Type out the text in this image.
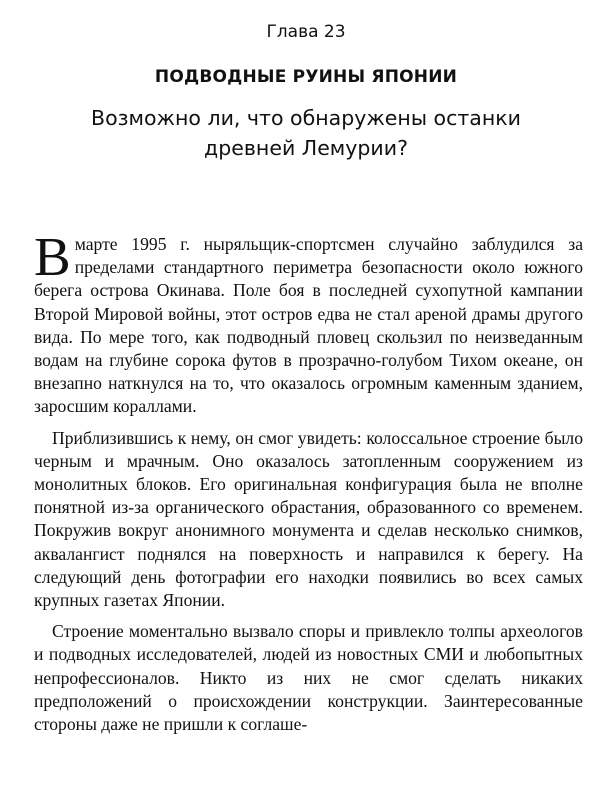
Глава 23
ПОДВОДНЫЕ РУИНЫ ЯПОНИИ
Возможно ли, что обнаружены останки
древней Лемурии?

В марте 1995 г. ныряльщик-спортсмен случайно заблудился за пределами стандартного периметра безопасности около южного берега острова Окинава. Поле боя в последней сухопутной кампании Второй Мировой войны, этот остров едва не стал ареной драмы другого вида. По мере того, как подводный пловец скользил по неизведанным водам на глубине сорока футов в прозрачно-голубом Тихом океане, он внезапно наткнулся на то, что оказалось огромным каменным зданием, заросшим кораллами.

Приблизившись к нему, он смог увидеть: колоссальное строение было черным и мрачным. Оно оказалось затопленным сооружением из монолитных блоков. Его оригинальная конфигурация была не вполне понятной из-за органического обрастания, образованного со временем. Покружив вокруг анонимного монумента и сделав несколько снимков, аквалангист поднялся на поверхность и направился к берегу. На следующий день фотографии его находки появились во всех самых крупных газетах Японии.

Строение моментально вызвало споры и привлекло толпы археологов и подводных исследователей, людей из новостных СМИ и любопытных непрофессионалов. Никто из них не смог сделать никаких предположений о происхождении конструкции. Заинтересованные стороны даже не пришли к соглаше-
